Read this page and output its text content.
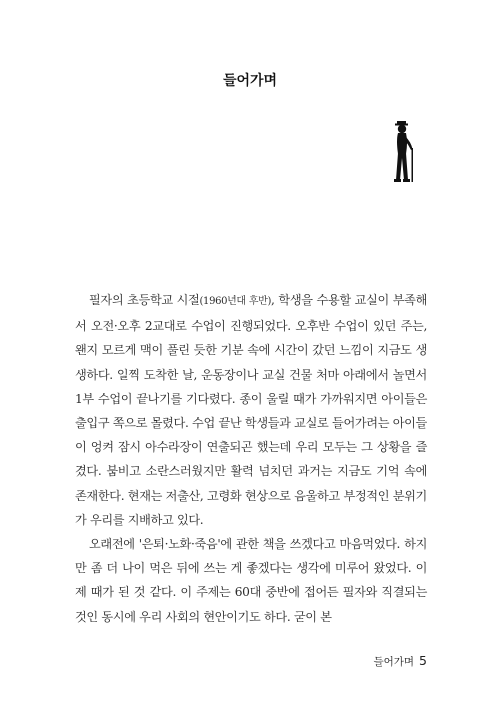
들어가며

필자의 초등학교 시절(1960년대 후반), 학생을 수용할 교실이 부족해서 오전·오후 2교대로 수업이 진행되었다. 오후반 수업이 있던 주는, 왠지 모르게 맥이 풀린 듯한 기분 속에 시간이 갔던 느낌이 지금도 생생하다. 일찍 도착한 날, 운동장이나 교실 건물 처마 아래에서 놀면서 1부 수업이 끝나기를 기다렸다. 종이 울릴 때가 가까워지면 아이들은 출입구 쪽으로 몰렸다. 수업 끝난 학생들과 교실로 들어가려는 아이들이 엉켜 잠시 아수라장이 연출되곤 했는데 우리 모두는 그 상황을 즐겼다. 붐비고 소란스러웠지만 활력 넘치던 과거는 지금도 기억 속에 존재한다. 현재는 저출산, 고령화 현상으로 음울하고 부정적인 분위기가 우리를 지배하고 있다.

오래전에 '은퇴·노화·죽음'에 관한 책을 쓰겠다고 마음먹었다. 하지만 좀 더 나이 먹은 뒤에 쓰는 게 좋겠다는 생각에 미루어 왔었다. 이제 때가 된 것 같다. 이 주제는 60대 중반에 접어든 필자와 직결되는 것인 동시에 우리 사회의 현안이기도 하다. 굳이 본

들어가며 5
